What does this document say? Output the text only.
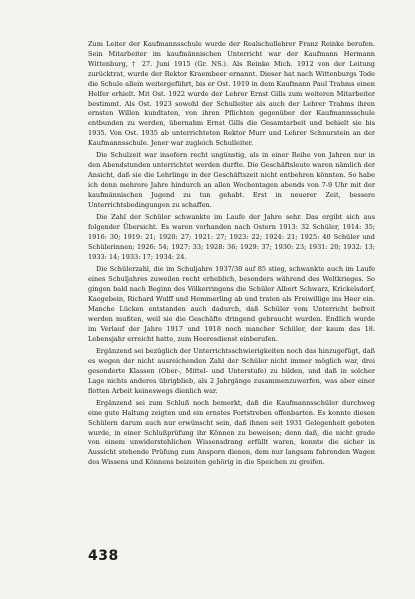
Zum Leiter der Kaufmannsschule wurde der Realschullehrer Franz Reinke berufen. Sein Mitarbeiter im kaufmännischen Unterricht war der Kaufmann Hermann Wittenburg, † 27. Juni 1915 (Gr. NS.). Als Reinke Mich. 1912 von der Leitung zurücktrat, wurde der Rektor Kraembeer ernannt. Dieser hat nach Wittenburgs Tode die Schule allein weitergeführt, bis er Ost. 1919 in dem Kaufmann Paul Trahms einen Helfer erhielt. Mit Ost. 1922 wurde der Lehrer Ernst Gills zum weiteren Mitarbeiter bestimmt. Als Ost. 1923 sowohl der Schulleiter als auch der Lehrer Trahms ihren ernsten Willen kundtaten, von ihren Pflichten gegenüber der Kaufmannsschule entbunden zu werden, übernahm Ernst Gills die Gesamtarbeit und behielt sie bis 1935. Von Ost. 1935 ab unterrichteten Rektor Murr und Lehrer Schnurstein an der Kaufmannsschule. Jener war zugleich Schulleiter.

Die Schulzeit war insofern recht ungünstig, als in einer Reihe von Jahren nur in den Abendstunden unterrichtet werden durfte. Die Geschäftsleute waren nämlich der Ansicht, daß sie die Lehrlinge in der Geschäftszeit nicht entbehren könnten. So habe ich denn mehrere Jahre hindurch an allen Wochentagen abends von 7-9 Uhr mit der kaufmännischen Jugend zu tun gehabt. Erst in neuerer Zeit, bessere Unterrichtsbedingungen zu schaffen.

Die Zahl der Schüler schwankte im Laufe der Jahre sehr. Das ergibt sich aus folgender Übersicht. Es waren vorhanden nach Ostern 1913: 32 Schüler, 1914: 35; 1916: 30; 1919: 21; 1920: 27; 1921: 27; 1923: 22; 1924: 21; 1925: 40 Schüler und Schülerinnen; 1926: 54; 1927: 33; 1928: 36; 1929: 37; 1930: 23; 1931: 20; 1932: 13; 1933: 14; 1933: 17; 1934: 24.

Die Schülerzahl, die im Schuljahre 1937/38 auf 85 stieg, schwankte auch im Laufe eines Schuljahres zuweilen recht erheblich, besonders während des Weltkrieges. So gingen bald nach Beginn des Völkerringens die Schüler Albert Schwarz, Krickelsdorf, Kaegebein, Richard Wulff und Hemmerling ab und traten als Freiwillige ins Heer ein. Manche Lücken entstanden auch dadurch, daß Schüler vom Unterricht befreit werden mußten, weil sie die Geschäfte dringend gebraucht wurden. Endlich wurde im Verlauf der Jahre 1917 und 1918 noch mancher Schüler, der kaum das 18. Lebensjahr erreicht hatte, zum Heeresdienst einberufen.

Ergänzend sei bezüglich der Unterrichtsschwierigkeiten noch das hinzugefügt, daß es wegen der nicht ausreichenden Zahl der Schüler nicht immer möglich war, drei gesonderte Klassen (Ober-, Mittel- und Unterstufe) zu bilden, und daß in solcher Lage nichts anderes übrigblieb, als 2 Jahrgänge zusammenzuwerfen, was aber einer flotten Arbeit keineswegs dienlich war.

Ergänzend sei zum Schluß noch bemerkt, daß die Kaufmannsschüler durchweg eine gute Haltung zeigten und ein ernstes Fortstreben offenbarten. Es konnte diesen Schülern darum auch nur erwünscht sein, daß ihnen seit 1931 Gelegenheit geboten wurde, in einer Schlußprüfung ihr Können zu beweisen; denn daß, die nicht grade von einem unwiderstehlichen Wissensdrang erfüllt waren, konnte die sicher in Aussicht stehende Prüfung zum Ansporn dienen, dem nur langsam fahrenden Wagen des Wissens und Könnens beizeiten gehörig in die Speichen zu greifen.

438
